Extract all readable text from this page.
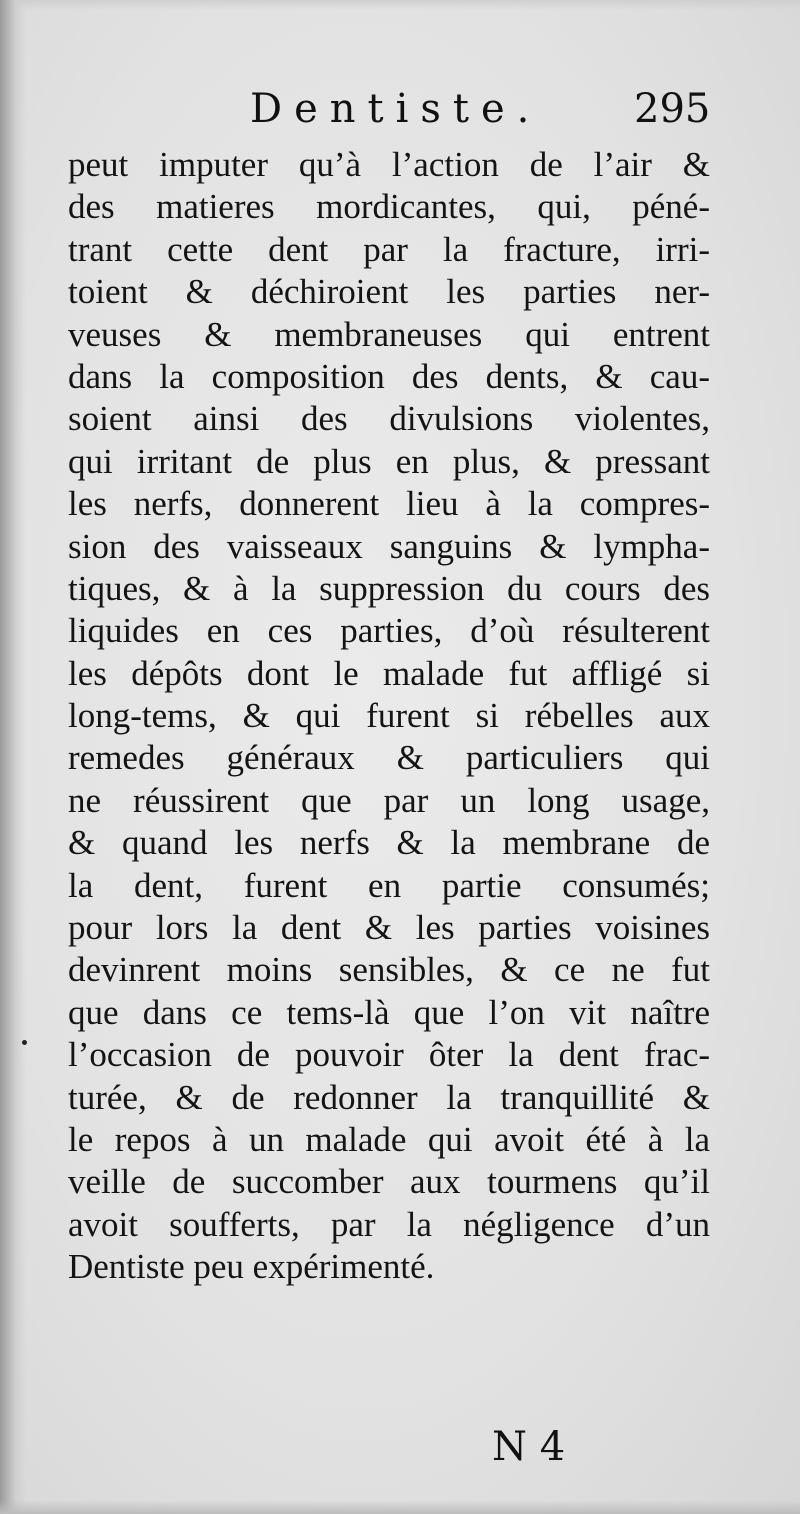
Dentiste. 295
peut imputer qu’à l’action de l’air &
des matieres mordicantes, qui, péné-
trant cette dent par la fracture, irri-
toient & déchiroient les parties ner-
veuses & membraneuses qui entrent
dans la composition des dents, & cau-
soient ainsi des divulsions violentes,
qui irritant de plus en plus, & pressant
les nerfs, donnerent lieu à la compres-
sion des vaisseaux sanguins & lympha-
tiques, & à la suppression du cours des
liquides en ces parties, d’où résulterent
les dépôts dont le malade fut affligé si
long-tems, & qui furent si rébelles aux
remedes généraux & particuliers qui
ne réussirent que par un long usage,
& quand les nerfs & la membrane de
la dent, furent en partie consumés;
pour lors la dent & les parties voisines
devinrent moins sensibles, & ce ne fut
que dans ce tems-là que l’on vit naître
l’occasion de pouvoir ôter la dent frac-
turée, & de redonner la tranquillité &
le repos à un malade qui avoit été à la
veille de succomber aux tourmens qu’il
avoit soufferts, par la négligence d’un
Dentiste peu expérimenté.
N 4
